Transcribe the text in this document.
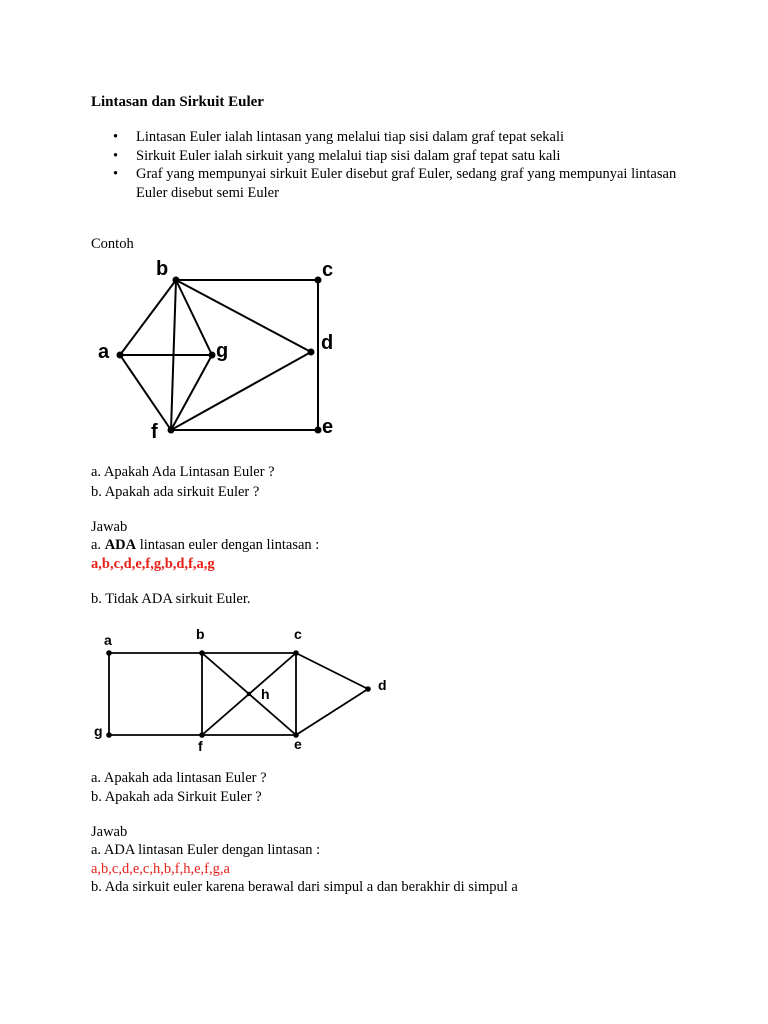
Lintasan dan Sirkuit Euler
• Lintasan Euler ialah lintasan yang melalui tiap sisi dalam graf tepat sekali
• Sirkuit Euler ialah sirkuit yang melalui tiap sisi dalam graf tepat satu kali
• Graf yang mempunyai sirkuit Euler disebut graf Euler, sedang graf yang mempunyai lintasan Euler disebut semi Euler
Contoh
b	c
a	g	d
f	e
a. Apakah Ada Lintasan Euler ?
b. Apakah ada sirkuit Euler ?
Jawab
a. ADA lintasan euler dengan lintasan :
a,b,c,d,e,f,g,b,d,f,a,g
b. Tidak ADA sirkuit Euler.
a	b	c
h
d
g
f	e
a. Apakah ada lintasan Euler ?
b. Apakah ada Sirkuit Euler ?
Jawab
a. ADA lintasan Euler dengan lintasan :
a,b,c,d,e,c,h,b,f,h,e,f,g,a
b. Ada sirkuit euler karena berawal dari simpul a dan berakhir di simpul a
